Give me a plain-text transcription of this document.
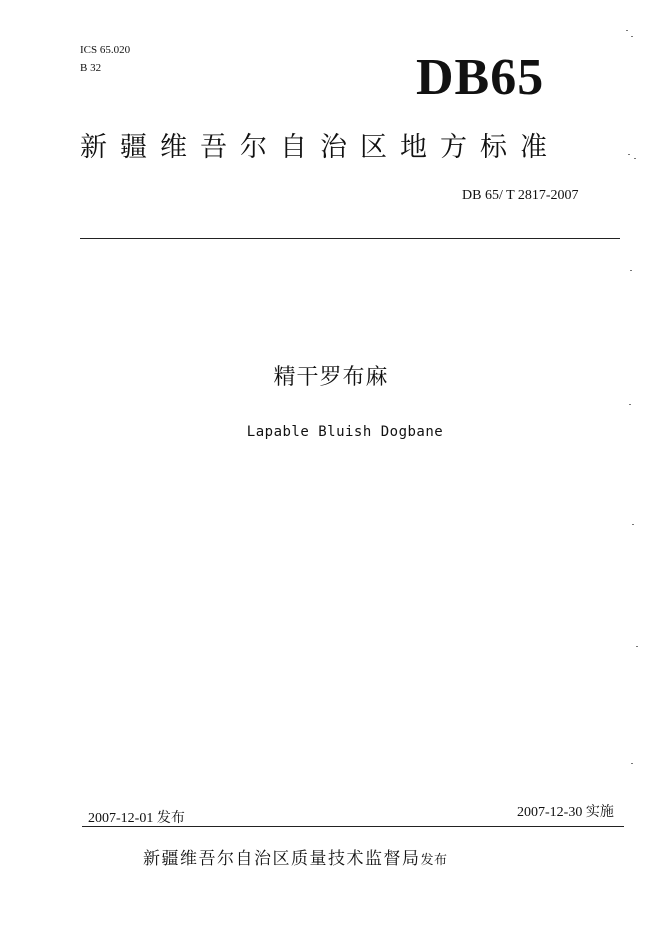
ICS 65.020
B 32	DB65
新疆维吾尔自治区地方标准
DB 65/ T 2817-2007
精干罗布麻
Lapable Bluish Dogbane
2007-12-01 发布	2007-12-30 实施
新疆维吾尔自治区质量技术监督局发布
